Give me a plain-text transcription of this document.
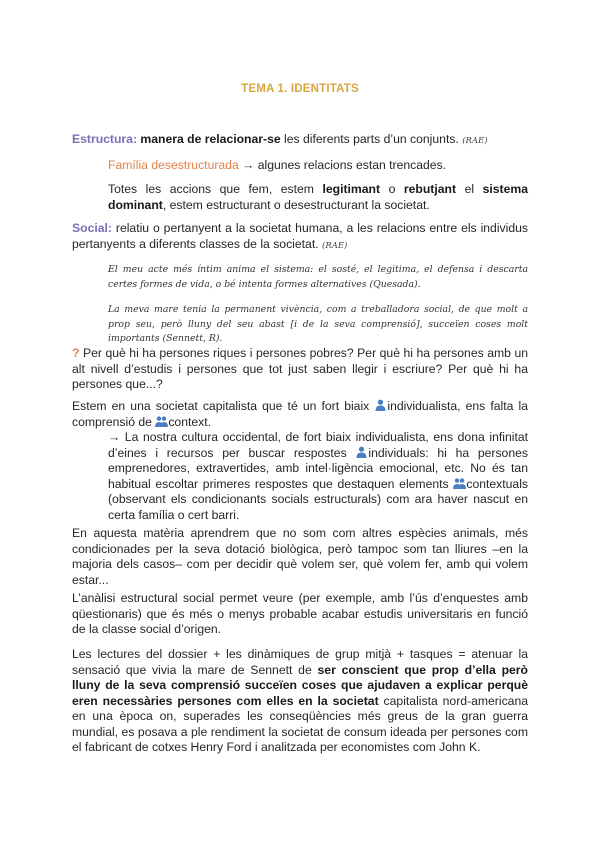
TEMA 1. IDENTITATS
Estructura: manera de relacionar-se les diferents parts d’un conjunts. (RAE)
Família desestructurada → algunes relacions estan trencades.
Totes les accions que fem, estem legitimant o rebutjant el sistema dominant, estem estructurant o desestructurant la societat.
Social: relatiu o pertanyent a la societat humana, a les relacions entre els individus pertanyents a diferents classes de la societat. (RAE)
El meu acte més íntim anima el sistema: el sosté, el legitima, el defensa i descarta certes formes de vida, o bé intenta formes alternatives (Quesada).
La meva mare tenia la permanent vivència, com a treballadora social, de que molt a prop seu, però lluny del seu abast [i de la seva comprensió], succeïen coses molt importants (Sennett, R).
? Per què hi ha persones riques i persones pobres? Per què hi ha persones amb un alt nivell d’estudis i persones que tot just saben llegir i escriure? Per què hi ha persones que...?
Estem en una societat capitalista que té un fort biaix individualista, ens falta la comprensió de context.
→ La nostra cultura occidental, de fort biaix individualista, ens dona infinitat d’eines i recursos per buscar respostes individuals: hi ha persones emprenedores, extravertides, amb intel·ligència emocional, etc. No és tan habitual escoltar primeres respostes que destaquen elements contextuals (observant els condicionants socials estructurals) com ara haver nascut en certa família o cert barri.
En aquesta matèria aprendrem que no som com altres espècies animals, més condicionades per la seva dotació biològica, però tampoc som tan lliures –en la majoria dels casos– com per decidir què volem ser, què volem fer, amb qui volem estar...
L’anàlisi estructural social permet veure (per exemple, amb l’ús d’enquestes amb qüestionaris) que és més o menys probable acabar estudis universitaris en funció de la classe social d’origen.
Les lectures del dossier + les dinàmiques de grup mitjà + tasques = atenuar la sensació que vivia la mare de Sennett de ser conscient que prop d’ella però lluny de la seva comprensió succeïen coses que ajudaven a explicar perquè eren necessàries persones com elles en la societat capitalista nord-americana en una època on, superades les conseqüències més greus de la gran guerra mundial, es posava a ple rendiment la societat de consum ideada per persones com el fabricant de cotxes Henry Ford i analitzada per economistes com John K.
